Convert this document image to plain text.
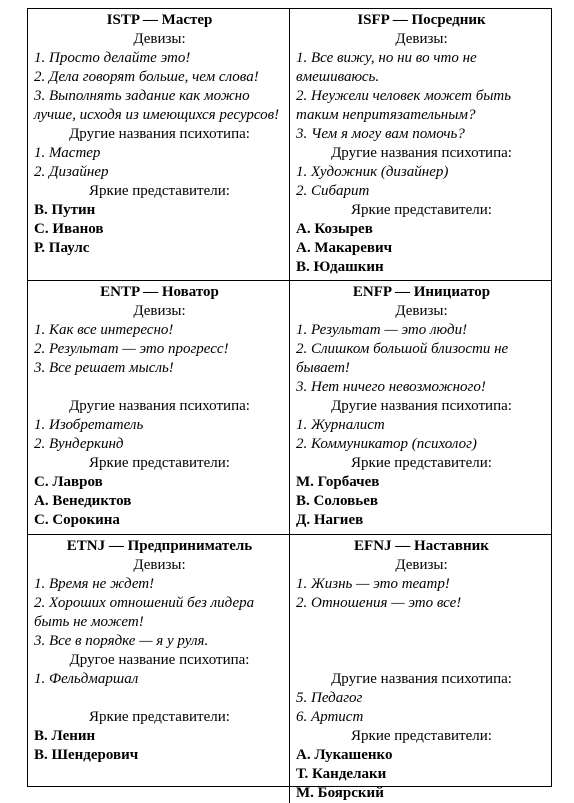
ISTP — Мастер
Девизы:
1. Просто делайте это!
2. Дела говорят больше, чем слова!
3. Выполнять задание как можно лучше, исходя из имеющихся ресурсов!
Другие названия психотипа:
1. Мастер
2. Дизайнер
Яркие представители:
В. Путин
С. Иванов
Р. Паулс
ISFP — Посредник
Девизы:
1. Все вижу, но ни во что не вмешиваюсь.
2. Неужели человек может быть таким непритязательным?
3. Чем я могу вам помочь?
Другие названия психотипа:
1. Художник (дизайнер)
2. Сибарит
Яркие представители:
А. Козырев
А. Макаревич
В. Юдашкин
ENTP — Новатор
Девизы:
1. Как все интересно!
2. Результат — это прогресс!
3. Все решает мысль!
Другие названия психотипа:
1. Изобретатель
2. Вундеркинд
Яркие представители:
С. Лавров
А. Венедиктов
С. Сорокина
ENFP — Инициатор
Девизы:
1. Результат — это люди!
2. Слишком большой близости не бывает!
3. Нет ничего невозможного!
Другие названия психотипа:
1. Журналист
2. Коммуникатор (психолог)
Яркие представители:
М. Горбачев
В. Соловьев
Д. Нагиев
ETNJ — Предприниматель
Девизы:
1. Время не ждет!
2. Хороших отношений без лидера быть не может!
3. Все в порядке — я у руля.
Другое название психотипа:
1. Фельдмаршал
Яркие представители:
В. Ленин
В. Шендерович
EFNJ — Наставник
Девизы:
1. Жизнь — это театр!
2. Отношения — это все!
Другие названия психотипа:
5. Педагог
6. Артист
Яркие представители:
А. Лукашенко
Т. Канделаки
М. Боярский
